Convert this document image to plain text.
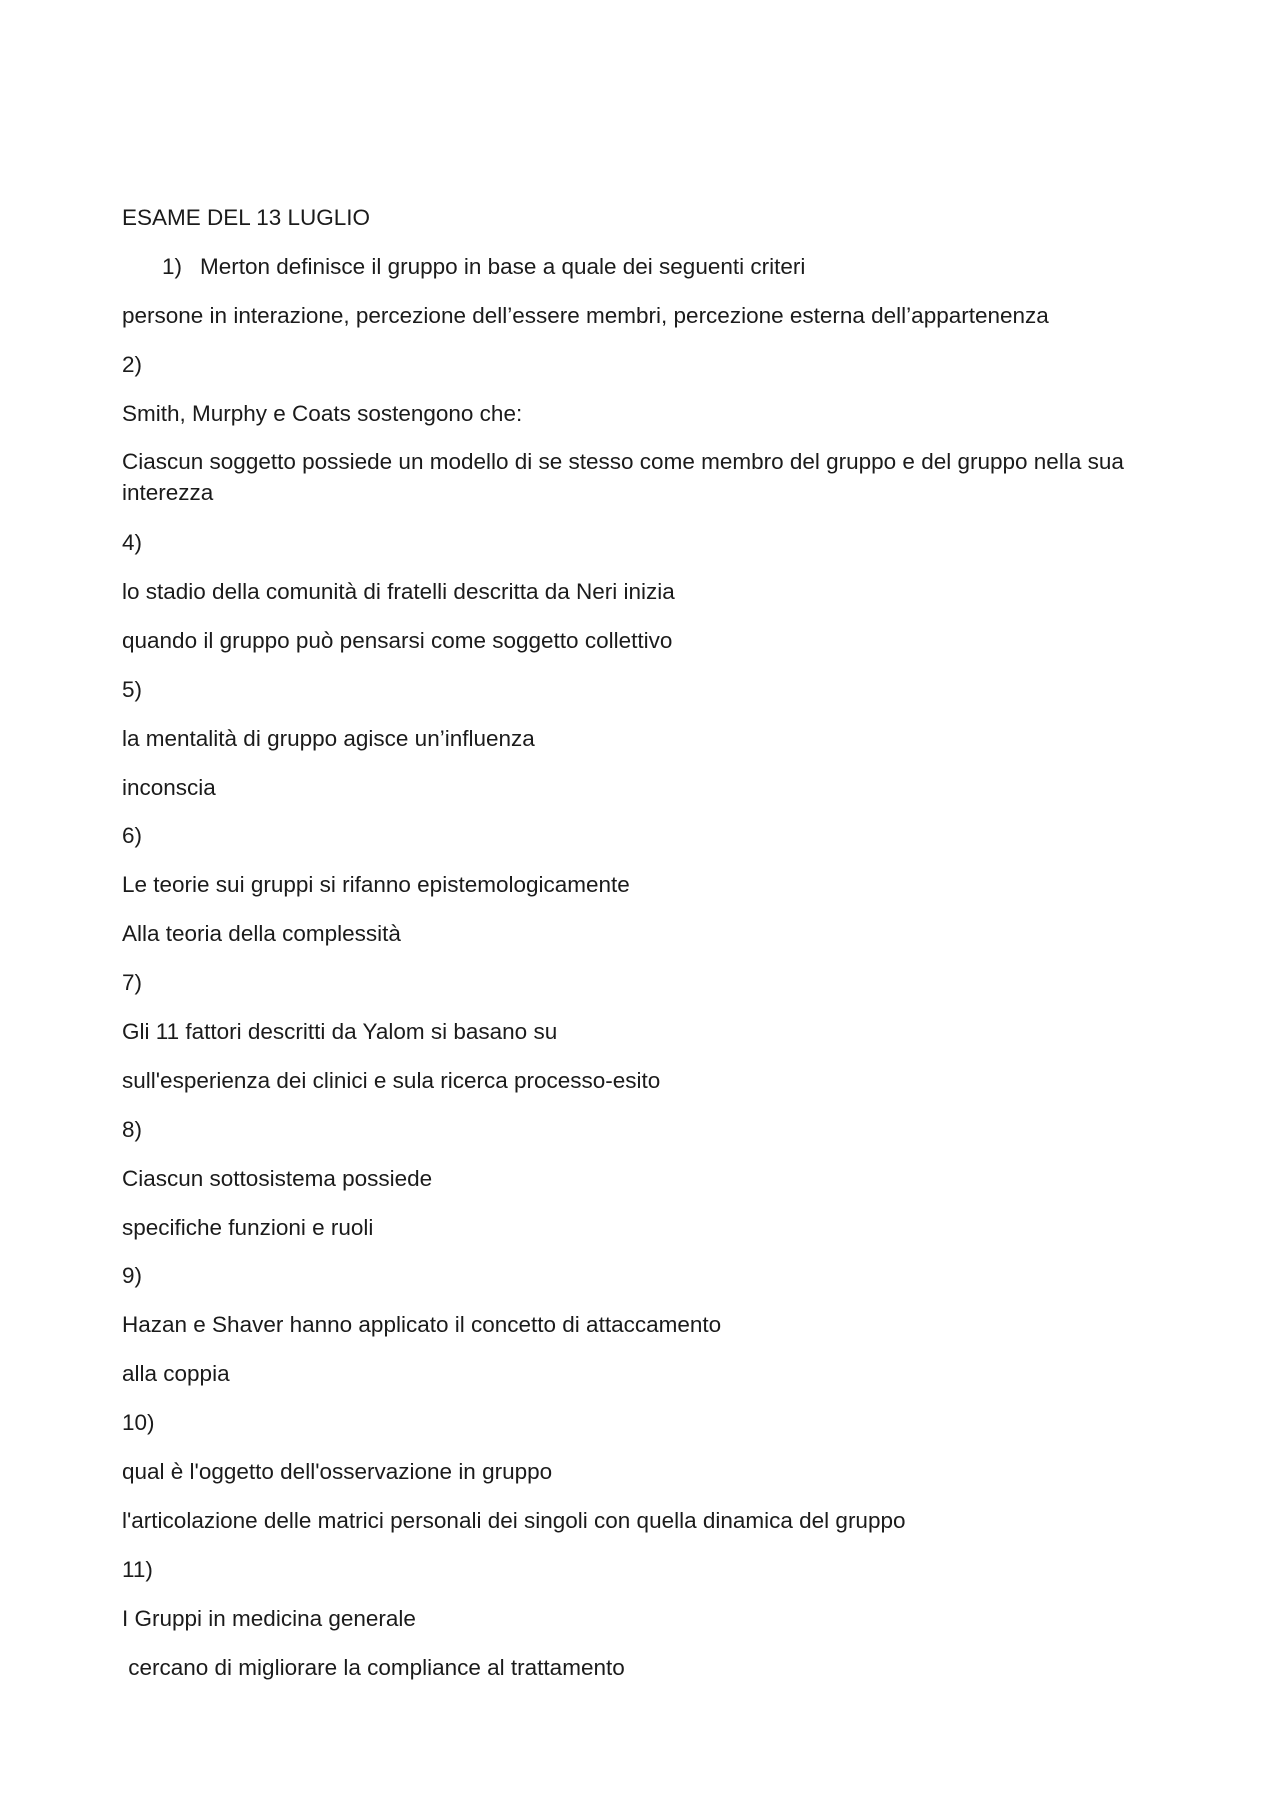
ESAME DEL 13 LUGLIO
1) Merton definisce il gruppo in base a quale dei seguenti criteri
persone in interazione, percezione dell’essere membri, percezione esterna dell’appartenenza
2)
Smith, Murphy e Coats sostengono che:
Ciascun soggetto possiede un modello di se stesso come membro del gruppo e del gruppo nella sua interezza
4)
lo stadio della comunità di fratelli descritta da Neri inizia
quando il gruppo può pensarsi come soggetto collettivo
5)
la mentalità di gruppo agisce un’influenza
inconscia
6)
Le teorie sui gruppi si rifanno epistemologicamente
Alla teoria della complessità
7)
Gli 11 fattori descritti da Yalom si basano su
sull'esperienza dei clinici e sula ricerca processo-esito
8)
Ciascun sottosistema possiede
specifiche funzioni e ruoli
9)
Hazan e Shaver hanno applicato il concetto di attaccamento
alla coppia
10)
qual è l'oggetto dell'osservazione in gruppo
l'articolazione delle matrici personali dei singoli con quella dinamica del gruppo
11)
I Gruppi in medicina generale
cercano di migliorare la compliance al trattamento
